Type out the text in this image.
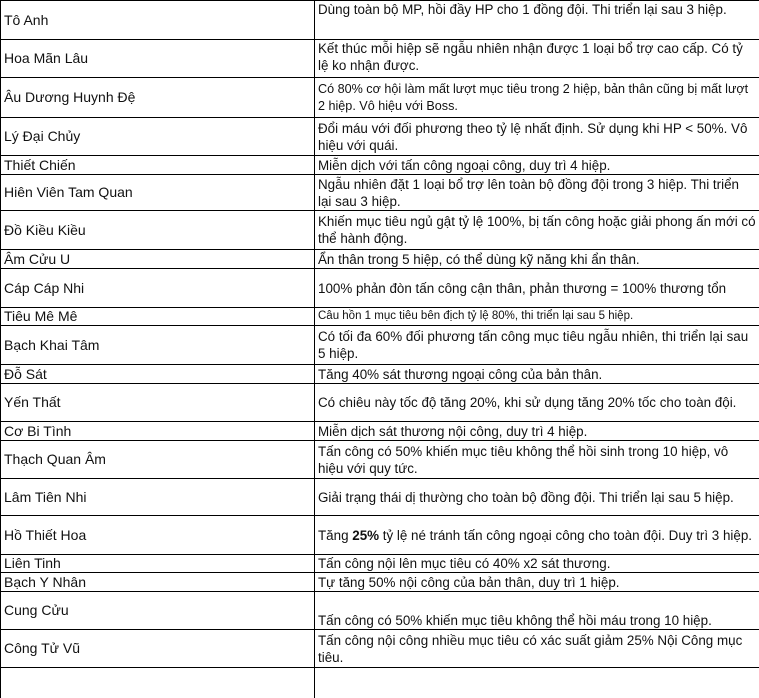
Tô Anh	Dùng toàn bộ MP, hồi đầy HP cho 1 đồng đội. Thi triển lại sau 3 hiệp.
Hoa Mãn Lâu	Kết thúc mỗi hiệp sẽ ngẫu nhiên nhận được 1 loại bổ trợ cao cấp. Có tỷ lệ ko nhận được.
Âu Dương Huynh Đệ	Có 80% cơ hội làm mất lượt mục tiêu trong 2 hiệp, bản thân cũng bị mất lượt 2 hiệp. Vô hiệu với Boss.
Lý Đại Chủy	Đổi máu với đối phương theo tỷ lệ nhất định. Sử dụng khi HP < 50%. Vô hiệu với quái.
Thiết Chiến	Miễn dịch với tấn công ngoại công, duy trì 4 hiệp.
Hiên Viên Tam Quan	Ngẫu nhiên đặt 1 loại bổ trợ lên toàn bộ đồng đội trong 3 hiệp. Thi triển lại sau 3 hiệp.
Đồ Kiều Kiều	Khiến mục tiêu ngủ gật tỷ lệ 100%, bị tấn công hoặc giải phong ấn mới có thể hành động.
Âm Cửu U	Ẩn thân trong 5 hiệp, có thể dùng kỹ năng khi ẩn thân.
Cáp Cáp Nhi	100% phản đòn tấn công cận thân, phản thương = 100% thương tổn
Tiêu Mê Mê	Câu hồn 1 mục tiêu bên địch tỷ lệ 80%, thi triển lại sau 5 hiệp.
Bạch Khai Tâm	Có tối đa 60% đối phương tấn công mục tiêu ngẫu nhiên, thi triển lại sau 5 hiệp.
Đỗ Sát	Tăng 40% sát thương ngoại công của bản thân.
Yến Thất	Có chiêu này tốc độ tăng 20%, khi sử dụng tăng 20% tốc cho toàn đội.
Cơ Bi Tình	Miễn dịch sát thương nội công, duy trì 4 hiệp.
Thạch Quan Âm	Tấn công có 50% khiến mục tiêu không thể hồi sinh trong 10 hiệp, vô hiệu với quy tức.
Lâm Tiên Nhi	Giải trạng thái dị thường cho toàn bộ đồng đội. Thi triển lại sau 5 hiệp.
Hồ Thiết Hoa	Tăng 25% tỷ lệ né tránh tấn công ngoại công cho toàn đội. Duy trì 3 hiệp.
Liên Tinh	Tấn công nội lên mục tiêu có 40% x2 sát thương.
Bạch Y Nhân	Tự tăng 50% nội công của bản thân, duy trì 1 hiệp.
Cung Cửu	Tấn công có 50% khiến mục tiêu không thể hồi máu trong 10 hiệp.
Công Tử Vũ	Tấn công nội công nhiều mục tiêu có xác suất giảm 25% Nội Công mục tiêu.
